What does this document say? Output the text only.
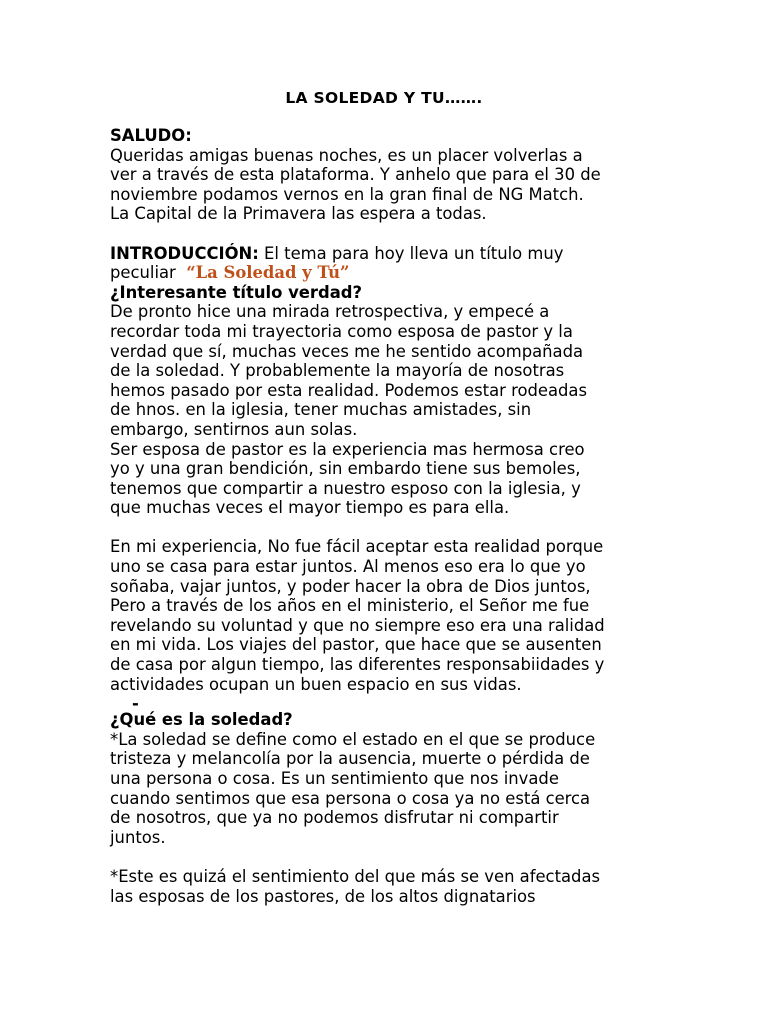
LA SOLEDAD Y TU…….
SALUDO:
Queridas amigas buenas noches, es un placer volverlas a
ver a través de esta plataforma. Y anhelo que para el 30 de
noviembre podamos vernos en la gran final de NG Match.
La Capital de la Primavera las espera a todas.
INTRODUCCIÓN: El tema para hoy lleva un título muy
peculiar  “La Soledad y Tú”
¿Interesante título verdad?
De pronto hice una mirada retrospectiva, y empecé a
recordar toda mi trayectoria como esposa de pastor y la
verdad que sí, muchas veces me he sentido acompañada
de la soledad. Y probablemente la mayoría de nosotras
hemos pasado por esta realidad. Podemos estar rodeadas
de hnos. en la iglesia, tener muchas amistades, sin
embargo, sentirnos aun solas.
Ser esposa de pastor es la experiencia mas hermosa creo
yo y una gran bendición, sin embardo tiene sus bemoles,
tenemos que compartir a nuestro esposo con la iglesia, y
que muchas veces el mayor tiempo es para ella.
En mi experiencia, No fue fácil aceptar esta realidad porque
uno se casa para estar juntos. Al menos eso era lo que yo
soñaba, vajar juntos, y poder hacer la obra de Dios juntos,
Pero a través de los años en el ministerio, el Señor me fue
revelando su voluntad y que no siempre eso era una ralidad
en mi vida. Los viajes del pastor, que hace que se ausenten
de casa por algun tiempo, las diferentes responsabiidades y
actividades ocupan un buen espacio en sus vidas.
-
¿Qué es la soledad?
*La soledad se define como el estado en el que se produce
tristeza y melancolía por la ausencia, muerte o pérdida de
una persona o cosa. Es un sentimiento que nos invade
cuando sentimos que esa persona o cosa ya no está cerca
de nosotros, que ya no podemos disfrutar ni compartir
juntos.
*Este es quizá el sentimiento del que más se ven afectadas
las esposas de los pastores, de los altos dignatarios
